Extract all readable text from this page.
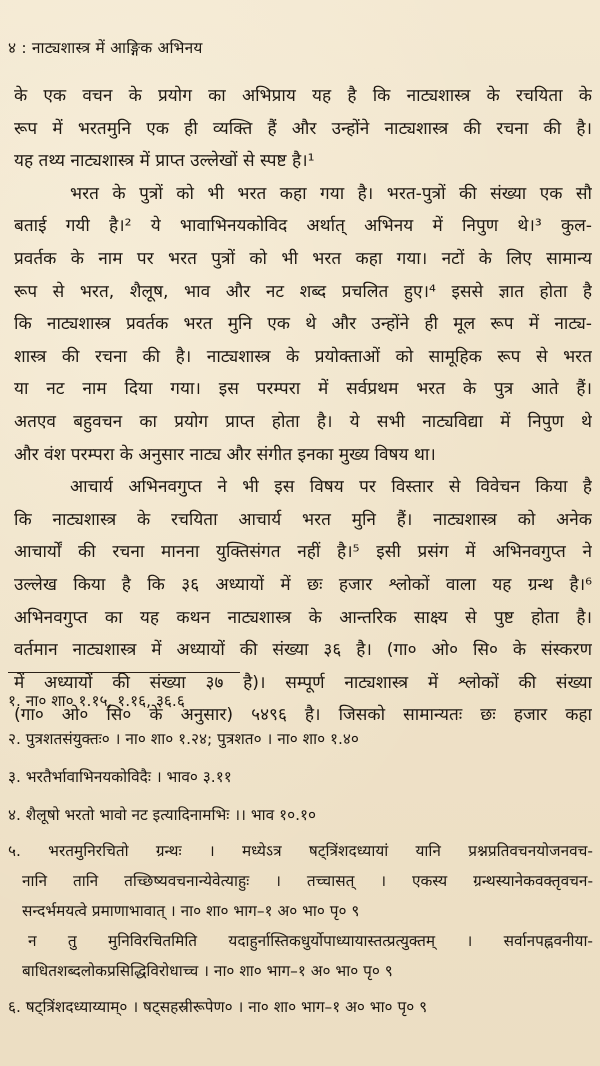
४ : नाट्यशास्त्र में आङ्गिक अभिनय
के एक वचन के प्रयोग का अभिप्राय यह है कि नाट्यशास्त्र के रचयिता के
रूप में भरतमुनि एक ही व्यक्ति हैं और उन्होंने नाट्यशास्त्र की रचना की है।
यह तथ्य नाट्यशास्त्र में प्राप्त उल्लेखों से स्पष्ट है।¹
भरत के पुत्रों को भी भरत कहा गया है। भरत-पुत्रों की संख्या एक सौ
बताई गयी है।² ये भावाभिनयकोविद अर्थात् अभिनय में निपुण थे।³ कुल-
प्रवर्तक के नाम पर भरत पुत्रों को भी भरत कहा गया। नटों के लिए सामान्य
रूप से भरत, शैलूष, भाव और नट शब्द प्रचलित हुए।⁴ इससे ज्ञात होता है
कि नाट्यशास्त्र प्रवर्तक भरत मुनि एक थे और उन्होंने ही मूल रूप में नाट्य-
शास्त्र की रचना की है। नाट्यशास्त्र के प्रयोक्ताओं को सामूहिक रूप से भरत
या नट नाम दिया गया। इस परम्परा में सर्वप्रथम भरत के पुत्र आते हैं।
अतएव बहुवचन का प्रयोग प्राप्त होता है। ये सभी नाट्यविद्या में निपुण थे
और वंश परम्परा के अनुसार नाट्य और संगीत इनका मुख्य विषय था।
आचार्य अभिनवगुप्त ने भी इस विषय पर विस्तार से विवेचन किया है
कि नाट्यशास्त्र के रचयिता आचार्य भरत मुनि हैं। नाट्यशास्त्र को अनेक
आचार्यों की रचना मानना युक्तिसंगत नहीं है।⁵ इसी प्रसंग में अभिनवगुप्त ने
उल्लेख किया है कि ३६ अध्यायों में छः हजार श्लोकों वाला यह ग्रन्थ है।⁶
अभिनवगुप्त का यह कथन नाट्यशास्त्र के आन्तरिक साक्ष्य से पुष्ट होता है।
वर्तमान नाट्यशास्त्र में अध्यायों की संख्या ३६ है। (गा० ओ० सि० के संस्करण
में अध्यायों की संख्या ३७ है)। सम्पूर्ण नाट्यशास्त्र में श्लोकों की संख्या
(गा० ओ० सि० के अनुसार) ५४९६ है। जिसको सामान्यतः छः हजार कहा
१. ना० शा० १.१५, १.१६, ३६.६
२. पुत्रशतसंयुक्तः० । ना० शा० १.२४; पुत्रशत० । ना० शा० १.४०
३. भरतैर्भावाभिनयकोविदैः । भाव० ३.११
४. शैलूषो भरतो भावो नट इत्यादिनामभिः ।। भाव १०.१०
५. भरतमुनिरचितो ग्रन्थः । मध्येऽत्र षट्त्रिंशदध्यायां यानि प्रश्नप्रतिवचनयोजनवच-
नानि तानि तच्छिष्यवचनान्येवेत्याहुः । तच्चासत् । एकस्य ग्रन्थस्यानेकवक्तृवचन-
सन्दर्भमयत्वे प्रमाणाभावात् । ना० शा० भाग–१ अ० भा० पृ० ९
न तु मुनिविरचितमिति यदाहुर्नास्तिकधुर्योपाध्यायास्तत्प्रत्युक्तम् । सर्वानपह्नवनीया-
बाधितशब्दलोकप्रसिद्धिविरोधाच्च । ना० शा० भाग–१ अ० भा० पृ० ९
६. षट्त्रिंशदध्याय्याम्० । षट्सहस्रीरूपेण० । ना० शा० भाग–१ अ० भा० पृ० ९
